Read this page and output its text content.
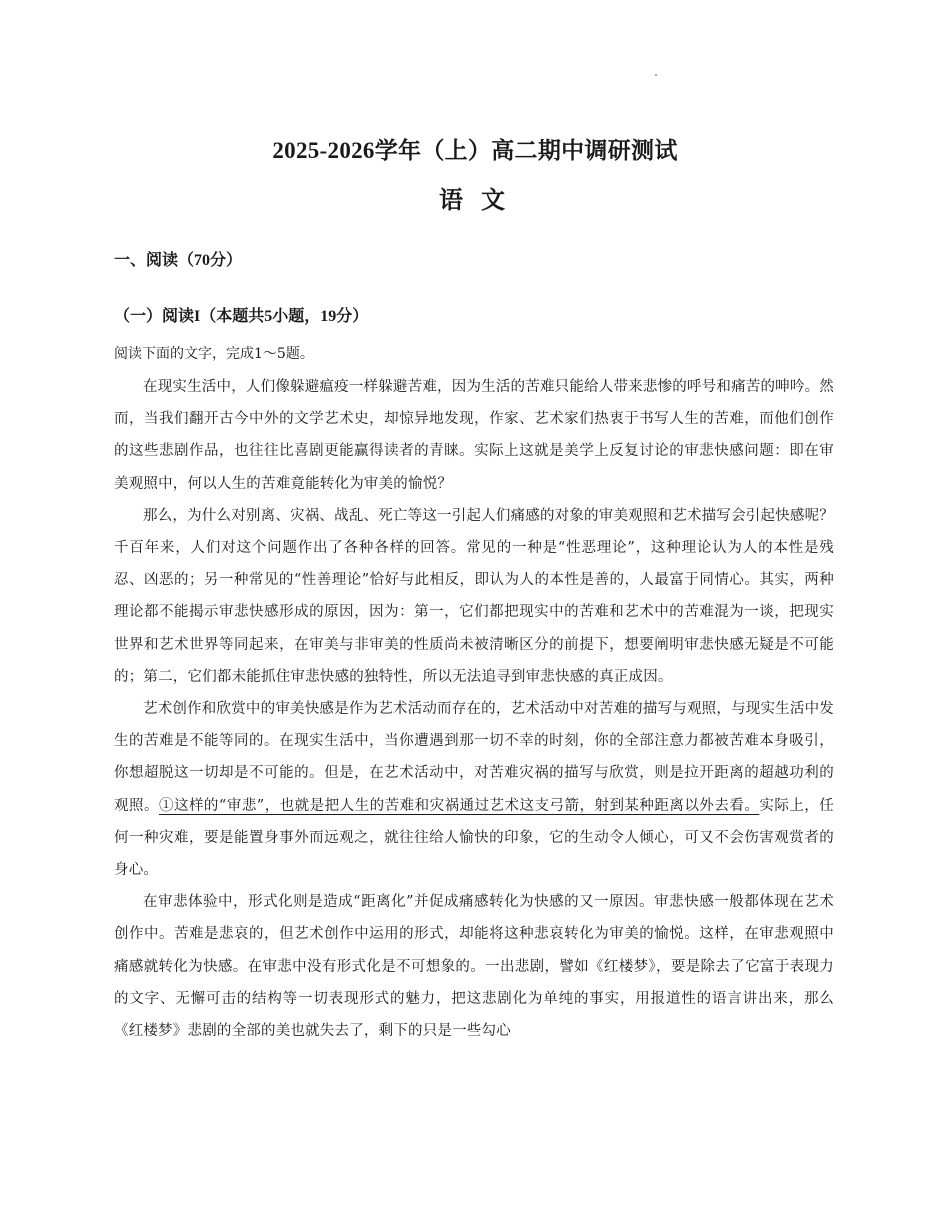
2025-2026学年（上）高二期中调研测试
语 文
一、阅读（70分）
（一）阅读I（本题共5小题，19分）
阅读下面的文字，完成1～5题。

在现实生活中，人们像躲避瘟疫一样躲避苦难，因为生活的苦难只能给人带来悲惨的呼号和痛苦的呻吟。然而，当我们翻开古今中外的文学艺术史，却惊异地发现，作家、艺术家们热衷于书写人生的苦难，而他们创作的这些悲剧作品，也往往比喜剧更能赢得读者的青睐。实际上这就是美学上反复讨论的审悲快感问题：即在审美观照中，何以人生的苦难竟能转化为审美的愉悦？

那么，为什么对别离、灾祸、战乱、死亡等这一引起人们痛感的对象的审美观照和艺术描写会引起快感呢？千百年来，人们对这个问题作出了各种各样的回答。常见的一种是“性恶理论”，这种理论认为人的本性是残忍、凶恶的；另一种常见的“性善理论”恰好与此相反，即认为人的本性是善的，人最富于同情心。其实，两种理论都不能揭示审悲快感形成的原因，因为：第一，它们都把现实中的苦难和艺术中的苦难混为一谈，把现实世界和艺术世界等同起来，在审美与非审美的性质尚未被清晰区分的前提下，想要阐明审悲快感无疑是不可能的；第二，它们都未能抓住审悲快感的独特性，所以无法追寻到审悲快感的真正成因。

艺术创作和欣赏中的审美快感是作为艺术活动而存在的，艺术活动中对苦难的描写与观照，与现实生活中发生的苦难是不能等同的。在现实生活中，当你遭遇到那一切不幸的时刻，你的全部注意力都被苦难本身吸引，你想超脱这一切却是不可能的。但是，在艺术活动中，对苦难灾祸的描写与欣赏，则是拉开距离的超越功利的观照。①这样的“审悲”，也就是把人生的苦难和灾祸通过艺术这支弓箭，射到某种距离以外去看。实际上，任何一种灾难，要是能置身事外而远观之，就往往给人愉快的印象，它的生动令人倾心，可又不会伤害观赏者的身心。

在审悲体验中，形式化则是造成“距离化”并促成痛感转化为快感的又一原因。审悲快感一般都体现在艺术创作中。苦难是悲哀的，但艺术创作中运用的形式，却能将这种悲哀转化为审美的愉悦。这样，在审悲观照中痛感就转化为快感。在审悲中没有形式化是不可想象的。一出悲剧，譬如《红楼梦》，要是除去了它富于表现力的文字、无懈可击的结构等一切表现形式的魅力，把这悲剧化为单纯的事实，用报道性的语言讲出来，那么《红楼梦》悲剧的全部的美也就失去了，剩下的只是一些勾心
